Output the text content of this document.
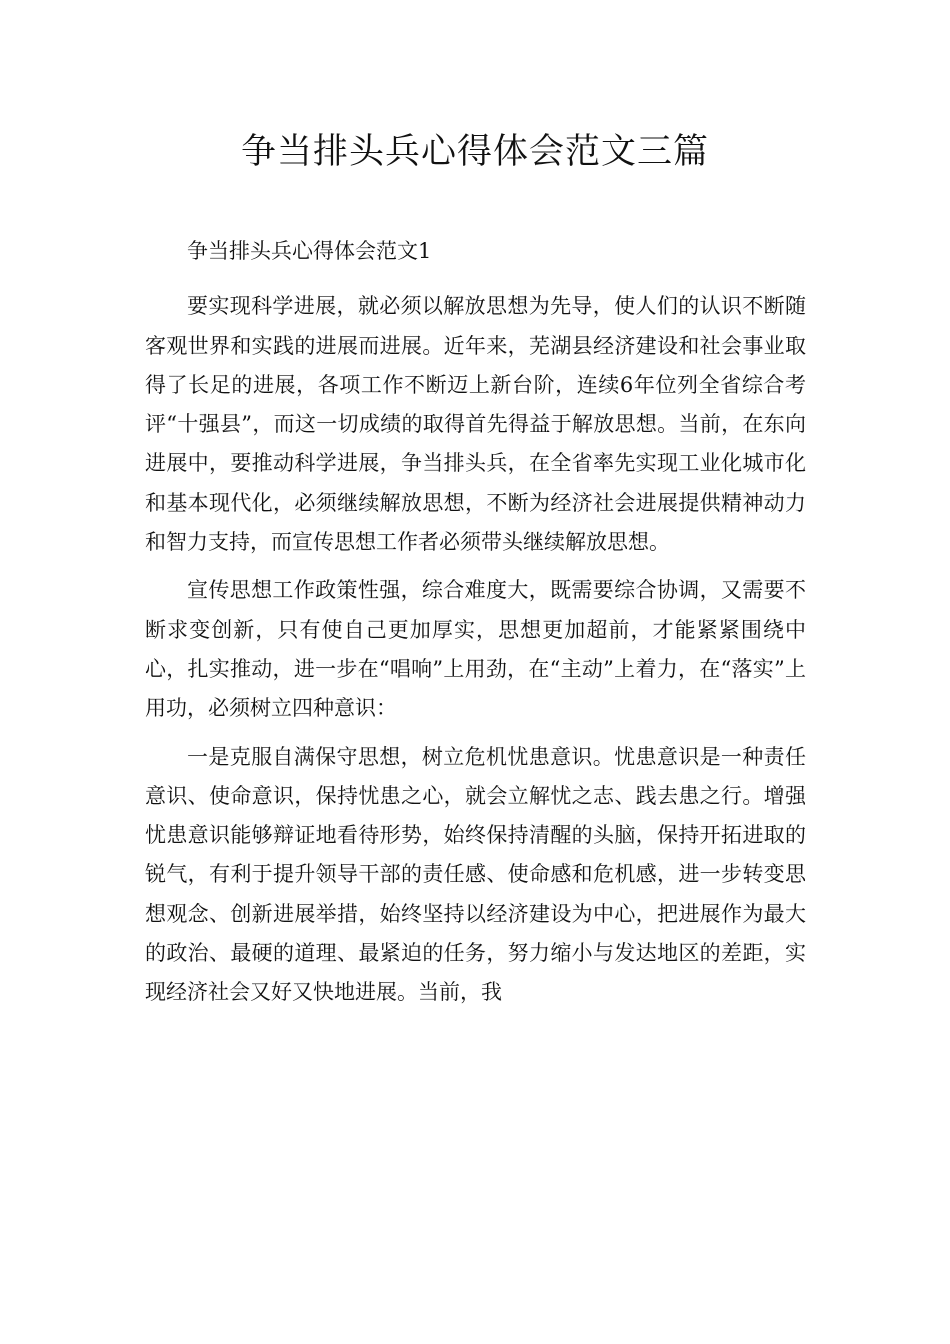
争当排头兵心得体会范文三篇

争当排头兵心得体会范文1

要实现科学进展，就必须以解放思想为先导，使人们的认识不断随客观世界和实践的进展而进展。近年来，芜湖县经济建设和社会事业取得了长足的进展，各项工作不断迈上新台阶，连续6年位列全省综合考评“十强县”，而这一切成绩的取得首先得益于解放思想。当前，在东向进展中，要推动科学进展，争当排头兵，在全省率先实现工业化城市化和基本现代化，必须继续解放思想，不断为经济社会进展提供精神动力和智力支持，而宣传思想工作者必须带头继续解放思想。

宣传思想工作政策性强，综合难度大，既需要综合协调，又需要不断求变创新，只有使自己更加厚实，思想更加超前，才能紧紧围绕中心，扎实推动，进一步在“唱响”上用劲，在“主动”上着力，在“落实”上用功，必须树立四种意识：

一是克服自满保守思想，树立危机忧患意识。忧患意识是一种责任意识、使命意识，保持忧患之心，就会立解忧之志、践去患之行。增强忧患意识能够辩证地看待形势，始终保持清醒的头脑，保持开拓进取的锐气，有利于提升领导干部的责任感、使命感和危机感，进一步转变思想观念、创新进展举措，始终坚持以经济建设为中心，把进展作为最大的政治、最硬的道理、最紧迫的任务，努力缩小与发达地区的差距，实现经济社会又好又快地进展。当前，我
